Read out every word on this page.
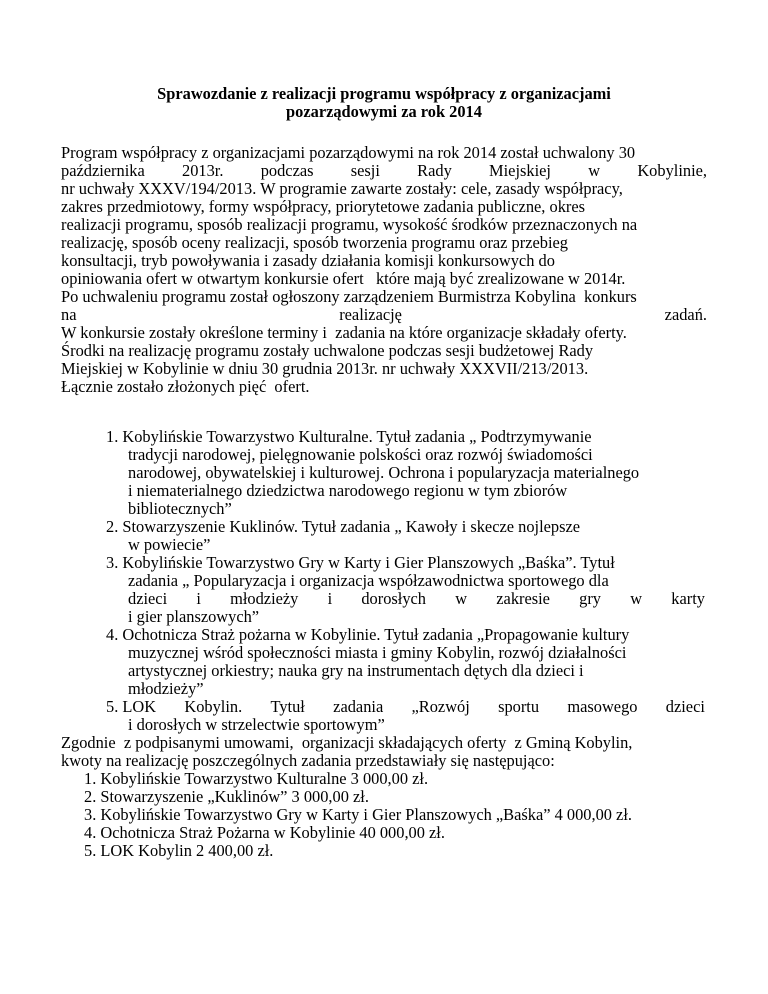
Sprawozdanie z realizacji programu współpracy z organizacjami
pozarządowymi za rok 2014
Program współpracy z organizacjami pozarządowymi na rok 2014 został uchwalony 30
października 2013r. podczas sesji Rady Miejskiej w Kobylinie,
nr uchwały XXXV/194/2013. W programie zawarte zostały: cele, zasady współpracy,
zakres przedmiotowy, formy współpracy, priorytetowe zadania publiczne, okres
realizacji programu, sposób realizacji programu, wysokość środków przeznaczonych na
realizację, sposób oceny realizacji, sposób tworzenia programu oraz przebieg
konsultacji, tryb powoływania i zasady działania komisji konkursowych do
opiniowania ofert w otwartym konkursie ofert   które mają być zrealizowane w 2014r.
Po uchwaleniu programu został ogłoszony zarządzeniem Burmistrza Kobylina  konkurs
na	realizację	zadań.
W konkursie zostały określone terminy i  zadania na które organizacje składały oferty.
Środki na realizację programu zostały uchwalone podczas sesji budżetowej Rady
Miejskiej w Kobylinie w dniu 30 grudnia 2013r. nr uchwały XXXVII/213/2013.
Łącznie zostało złożonych pięć  ofert.
1. Kobylińskie Towarzystwo Kulturalne. Tytuł zadania „ Podtrzymywanie
tradycji narodowej, pielęgnowanie polskości oraz rozwój świadomości
narodowej, obywatelskiej i kulturowej. Ochrona i popularyzacja materialnego
i niematerialnego dziedzictwa narodowego regionu w tym zbiorów
bibliotecznych”
2. Stowarzyszenie Kuklinów. Tytuł zadania „ Kawoły i skecze nojlepsze
w powiecie”
3. Kobylińskie Towarzystwo Gry w Karty i Gier Planszowych „Baśka”. Tytuł
zadania „ Popularyzacja i organizacja współzawodnictwa sportowego dla
dzieci i młodzieży i dorosłych w zakresie gry w karty
i gier planszowych”
4. Ochotnicza Straż pożarna w Kobylinie. Tytuł zadania „Propagowanie kultury
muzycznej wśród społeczności miasta i gminy Kobylin, rozwój działalności
artystycznej orkiestry; nauka gry na instrumentach dętych dla dzieci i
młodzieży”
5. LOK Kobylin. Tytuł zadania „Rozwój sportu masowego dzieci
i dorosłych w strzelectwie sportowym”
Zgodnie  z podpisanymi umowami,  organizacji składających oferty  z Gminą Kobylin,
kwoty na realizację poszczególnych zadania przedstawiały się następująco:
1. Kobylińskie Towarzystwo Kulturalne 3 000,00 zł.
2. Stowarzyszenie „Kuklinów” 3 000,00 zł.
3. Kobylińskie Towarzystwo Gry w Karty i Gier Planszowych „Baśka” 4 000,00 zł.
4. Ochotnicza Straż Pożarna w Kobylinie 40 000,00 zł.
5. LOK Kobylin 2 400,00 zł.
